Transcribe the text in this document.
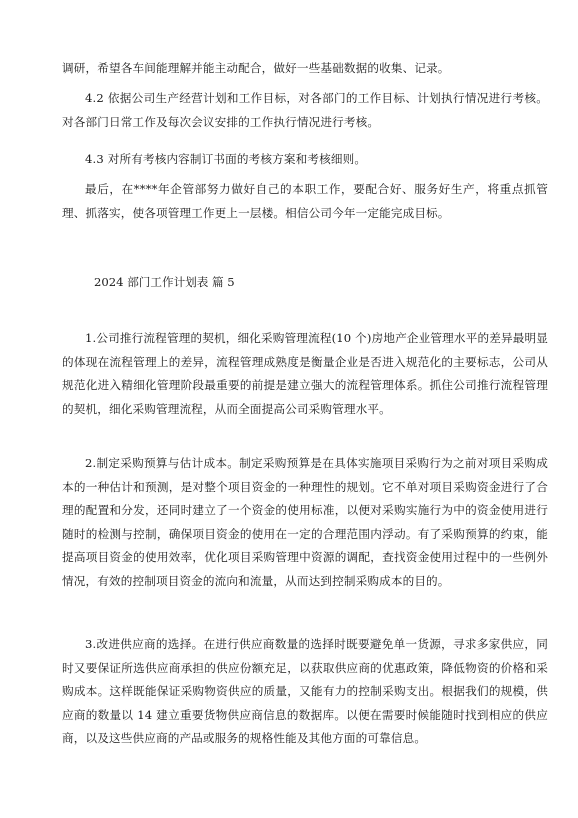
调研，希望各车间能理解并能主动配合，做好一些基础数据的收集、记录。

4.2 依据公司生产经营计划和工作目标，对各部门的工作目标、计划执行情况进行考核。对各部门日常工作及每次会议安排的工作执行情况进行考核。

4.3 对所有考核内容制订书面的考核方案和考核细则。

最后，在****年企管部努力做好自己的本职工作，要配合好、服务好生产，将重点抓管理、抓落实，使各项管理工作更上一层楼。相信公司今年一定能完成目标。

2024 部门工作计划表 篇 5

1.公司推行流程管理的契机，细化采购管理流程(10 个)房地产企业管理水平的差异最明显的体现在流程管理上的差异，流程管理成熟度是衡量企业是否进入规范化的主要标志，公司从规范化进入精细化管理阶段最重要的前提是建立强大的流程管理体系。抓住公司推行流程管理的契机，细化采购管理流程，从而全面提高公司采购管理水平。

2.制定采购预算与估计成本。制定采购预算是在具体实施项目采购行为之前对项目采购成本的一种估计和预测，是对整个项目资金的一种理性的规划。它不单对项目采购资金进行了合理的配置和分发，还同时建立了一个资金的使用标准，以便对采购实施行为中的资金使用进行随时的检测与控制，确保项目资金的使用在一定的合理范围内浮动。有了采购预算的约束，能提高项目资金的使用效率，优化项目采购管理中资源的调配，查找资金使用过程中的一些例外情况，有效的控制项目资金的流向和流量，从而达到控制采购成本的目的。

3.改进供应商的选择。在进行供应商数量的选择时既要避免单一货源，寻求多家供应，同时又要保证所选供应商承担的供应份额充足，以获取供应商的优惠政策，降低物资的价格和采购成本。这样既能保证采购物资供应的质量，又能有力的控制采购支出。根据我们的规模，供应商的数量以 14 建立重要货物供应商信息的数据库。以便在需要时候能随时找到相应的供应商，以及这些供应商的产品或服务的规格性能及其他方面的可靠信息。
